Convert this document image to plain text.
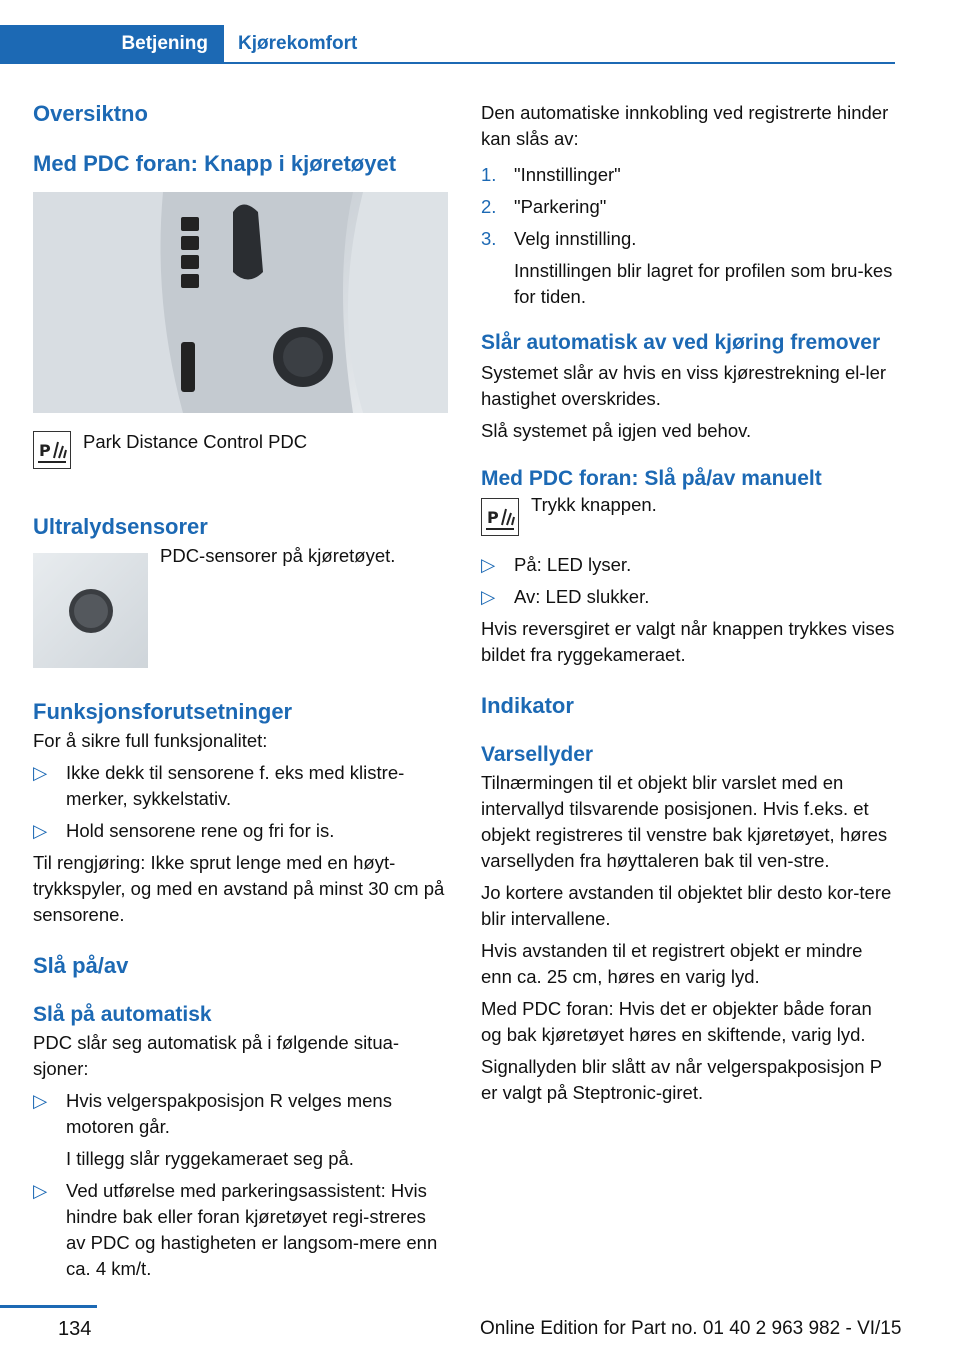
Betjening Kjørekomfort
Oversiktno
Med PDC foran: Knapp i kjøretøyet
P Park Distance Control PDC

Ultralydsensorer

PDC-sensorer på kjøretøyet.

Funksjonsforutsetninger

For å sikre full funksjonalitet:

▷ Ikke dekk til sensorene f. eks med klistre-merker, sykkelstativ.
▷ Hold sensorene rene og fri for is.

Til rengjøring: Ikke sprut lenge med en høyt-trykkspyler, og med en avstand på minst 30 cm på sensorene.

Slå på/av
Slå på automatisk

PDC slår seg automatisk på i følgende situa-sjoner:

▷ Hvis velgerspakposisjon R velges mens motoren går.

I tillegg slår ryggekameraet seg på.

▷ Ved utførelse med parkeringsassistent: Hvis hindre bak eller foran kjøretøyet regi-streres av PDC og hastigheten er langsom-mere enn ca. 4 km/t.

Den automatiske innkobling ved registrerte hinder kan slås av:

1. "Innstillinger"
2. "Parkering"
3. Velg innstilling.

Innstillingen blir lagret for profilen som bru-kes for tiden.

Slår automatisk av ved kjøring fremover

Systemet slår av hvis en viss kjørestrekning el-ler hastighet overskrides.

Slå systemet på igjen ved behov.

Med PDC foran: Slå på/av manuelt
P

Trykk knappen.

▷ På: LED lyser.
▷ Av: LED slukker.

Hvis reversgiret er valgt når knappen trykkes vises bildet fra ryggekameraet.

Indikator
Varsellyder

Tilnærmingen til et objekt blir varslet med en intervallyd tilsvarende posisjonen. Hvis f.eks. et objekt registreres til venstre bak kjøretøyet, høres varsellyden fra høyttaleren bak til ven-stre.

Jo kortere avstanden til objektet blir desto kor-tere blir intervallene.

Hvis avstanden til et registrert objekt er mindre enn ca. 25 cm, høres en varig lyd.

Med PDC foran: Hvis det er objekter både foran og bak kjøretøyet høres en skiftende, varig lyd.

Signallyden blir slått av når velgerspakposisjon P er valgt på Steptronic-giret.

134	Online Edition for Part no. 01 40 2 963 982 - VI/15
